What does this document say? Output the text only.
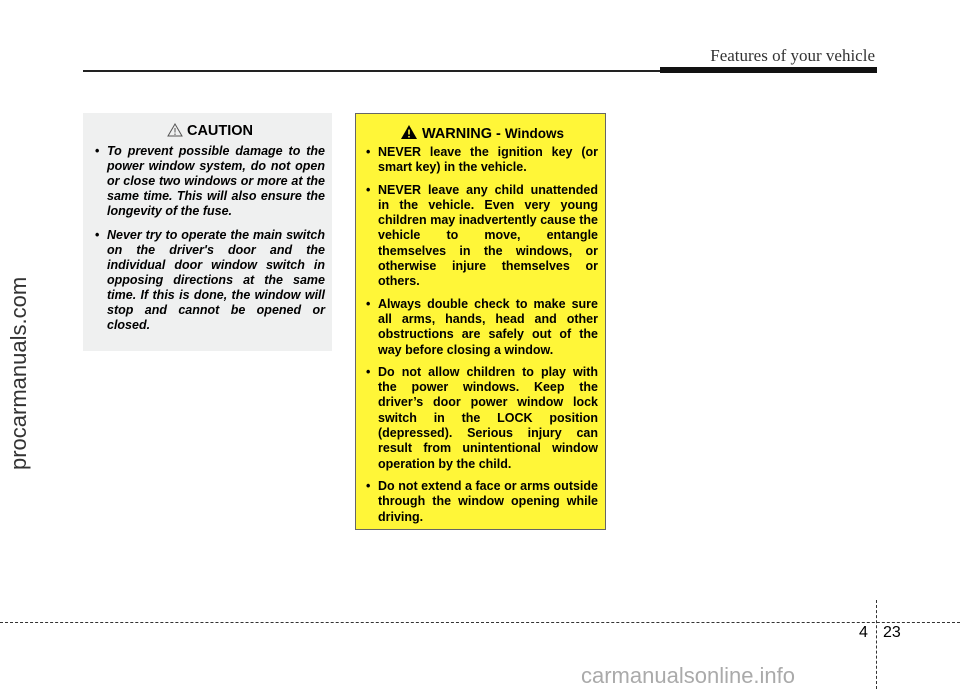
Features of your vehicle
procarmanuals.com
CAUTION
• To prevent possible damage to the power window system, do not open or close two windows or more at the same time. This will also ensure the longevity of the fuse.
• Never try to operate the main switch on the driver's door and the individual door window switch in opposing directions at the same time. If this is done, the window will stop and cannot be opened or closed.
WARNING - Windows
• NEVER leave the ignition key (or smart key) in the vehicle.
• NEVER leave any child unattended in the vehicle. Even very young children may inadvertently cause the vehicle to move, entangle themselves in the windows, or otherwise injure themselves or others.
• Always double check to make sure all arms, hands, head and other obstructions are safely out of the way before closing a window.
• Do not allow children to play with the power windows. Keep the driver’s door power window lock switch in the LOCK position (depressed). Serious injury can result from unintentional window operation by the child.
• Do not extend a face or arms outside through the window opening while driving.
4 23
carmanualsonline.info
